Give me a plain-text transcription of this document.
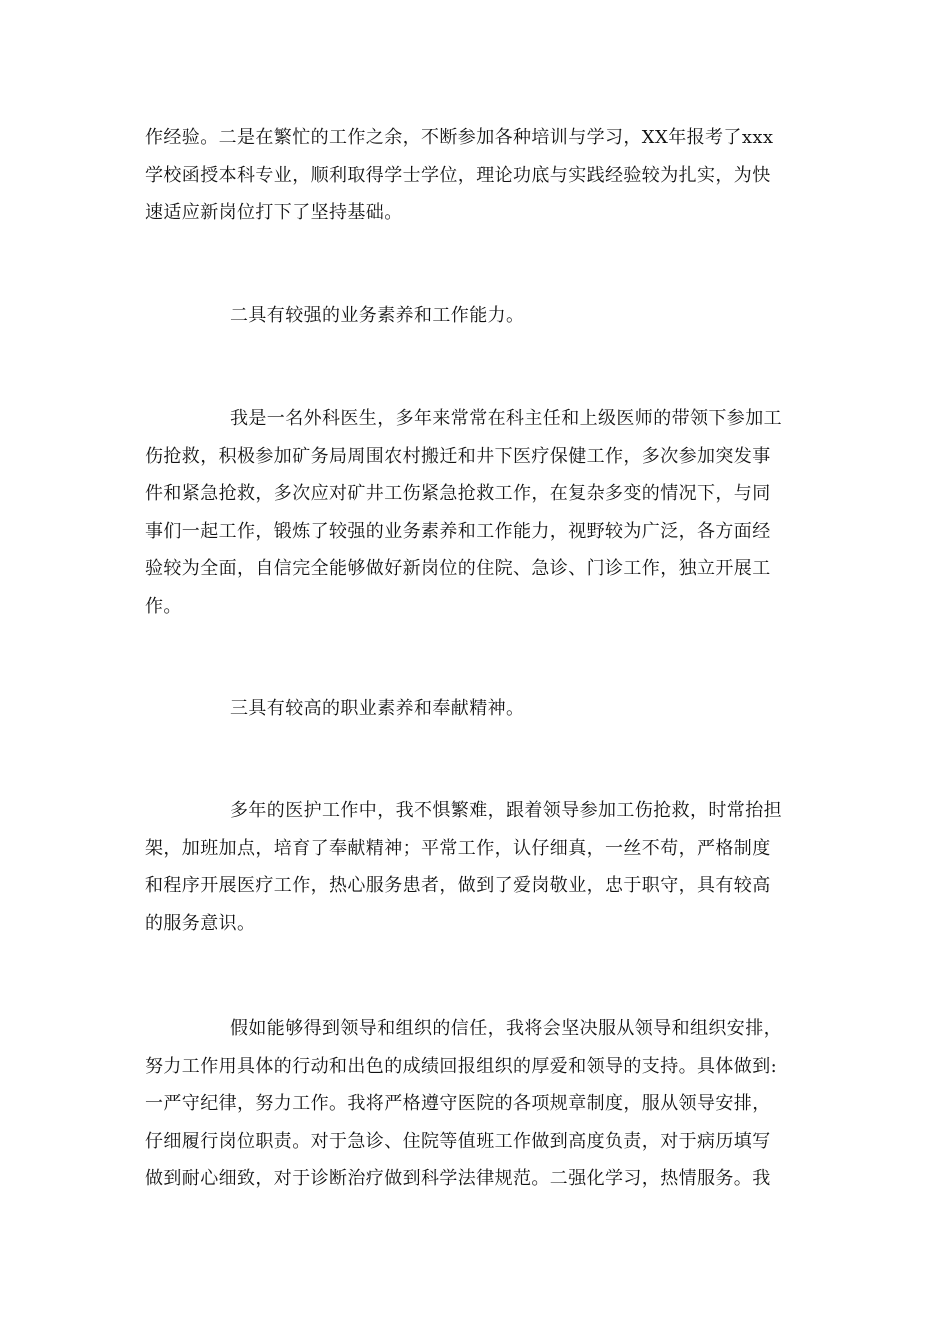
作经验。二是在繁忙的工作之余，不断参加各种培训与学习，XX年报考了xxx
学校函授本科专业，顺利取得学士学位，理论功底与实践经验较为扎实，为快
速适应新岗位打下了坚持基础。
二具有较强的业务素养和工作能力。
我是一名外科医生，多年来常常在科主任和上级医师的带领下参加工
伤抢救，积极参加矿务局周围农村搬迁和井下医疗保健工作，多次参加突发事
件和紧急抢救，多次应对矿井工伤紧急抢救工作，在复杂多变的情况下，与同
事们一起工作，锻炼了较强的业务素养和工作能力，视野较为广泛，各方面经
验较为全面，自信完全能够做好新岗位的住院、急诊、门诊工作，独立开展工
作。
三具有较高的职业素养和奉献精神。
多年的医护工作中，我不惧繁难，跟着领导参加工伤抢救，时常抬担
架，加班加点，培育了奉献精神；平常工作，认仔细真，一丝不苟，严格制度
和程序开展医疗工作，热心服务患者，做到了爱岗敬业，忠于职守，具有较高
的服务意识。
假如能够得到领导和组织的信任，我将会坚决服从领导和组织安排，
努力工作用具体的行动和出色的成绩回报组织的厚爱和领导的支持。具体做到:
一严守纪律，努力工作。我将严格遵守医院的各项规章制度，服从领导安排，
仔细履行岗位职责。对于急诊、住院等值班工作做到高度负责，对于病历填写
做到耐心细致，对于诊断治疗做到科学法律规范。二强化学习，热情服务。我
